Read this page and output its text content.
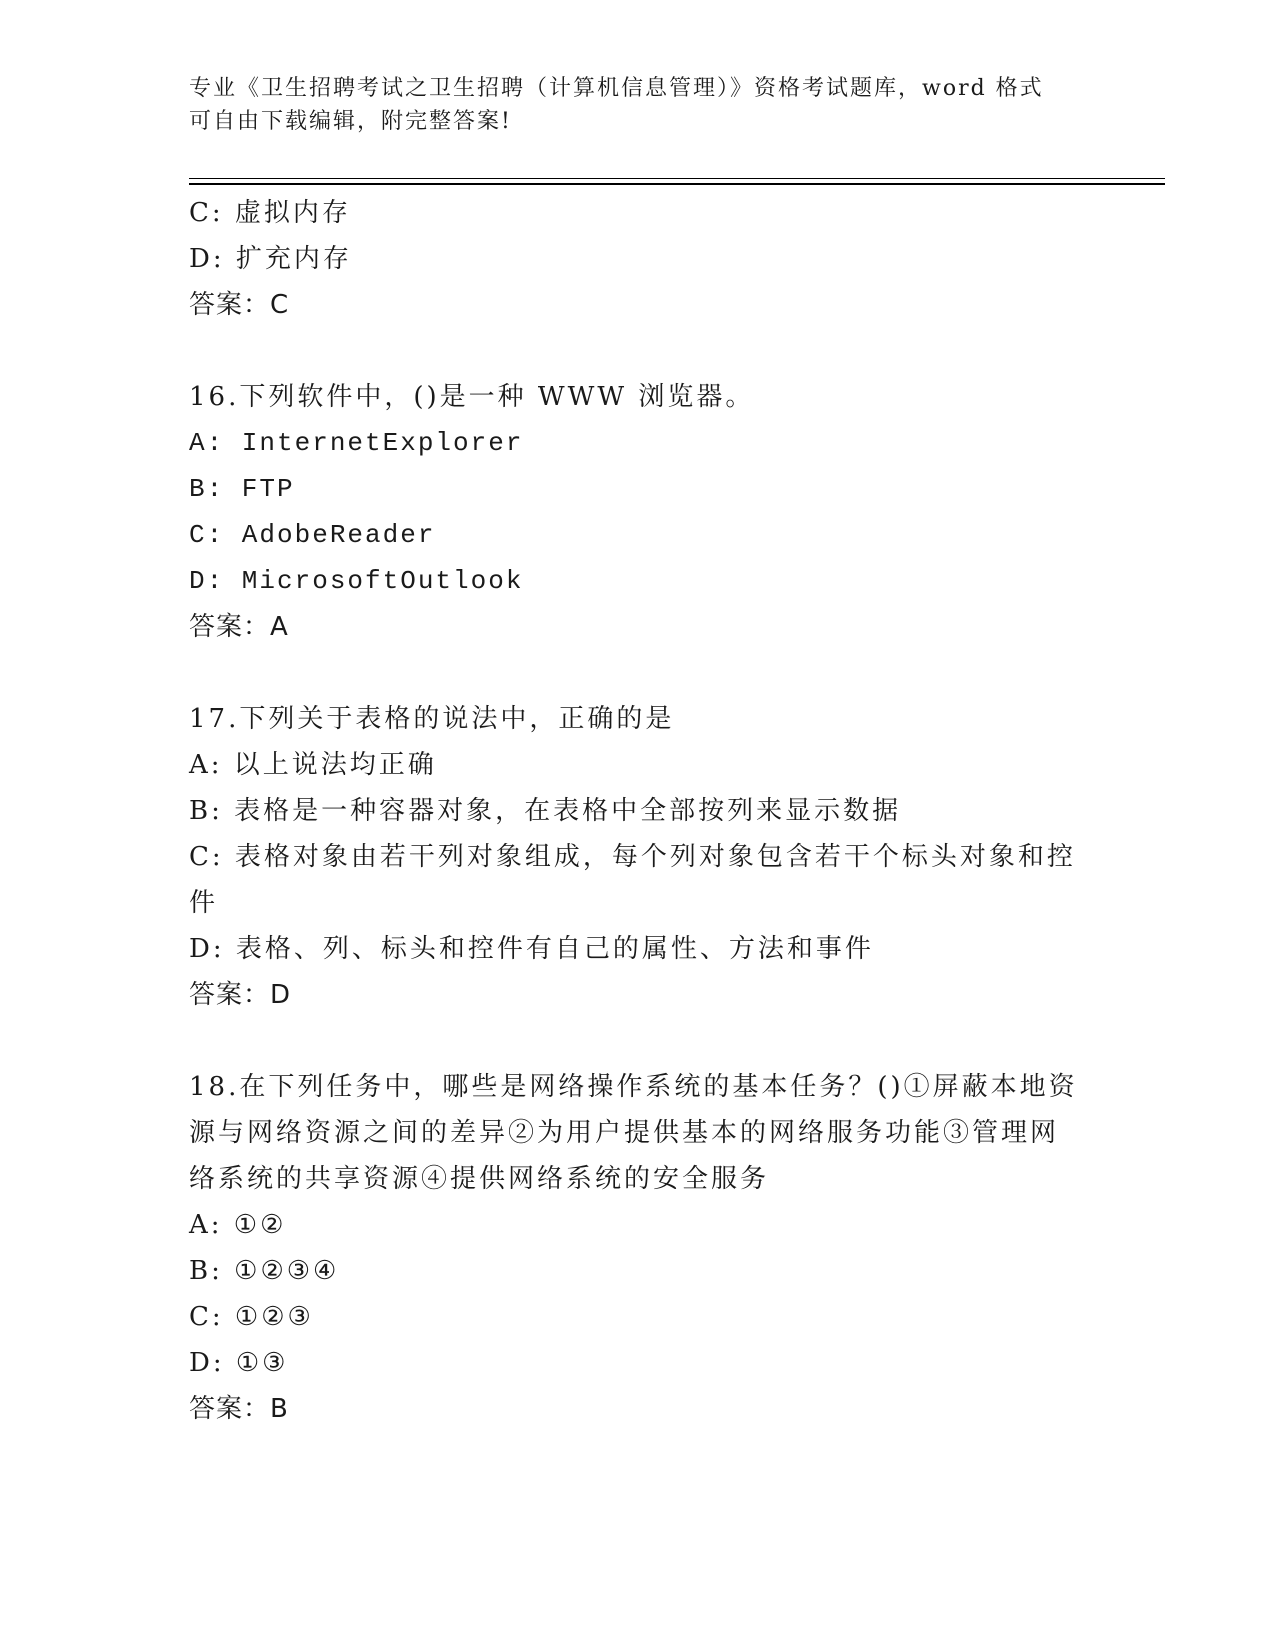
专业《卫生招聘考试之卫生招聘（计算机信息管理）》资格考试题库，word 格式
可自由下载编辑，附完整答案!
C: 虚拟内存
D: 扩充内存
答案：C
16.下列软件中，()是一种 WWW 浏览器。
A: InternetExplorer
B: FTP
C: AdobeReader
D: MicrosoftOutlook
答案：A
17.下列关于表格的说法中，正确的是
A: 以上说法均正确
B: 表格是一种容器对象，在表格中全部按列来显示数据
C: 表格对象由若干列对象组成，每个列对象包含若干个标头对象和控
件
D: 表格、列、标头和控件有自己的属性、方法和事件
答案：D
18.在下列任务中，哪些是网络操作系统的基本任务？()①屏蔽本地资
源与网络资源之间的差异②为用户提供基本的网络服务功能③管理网
络系统的共享资源④提供网络系统的安全服务
A: ①②
B: ①②③④
C: ①②③
D: ①③
答案：B
